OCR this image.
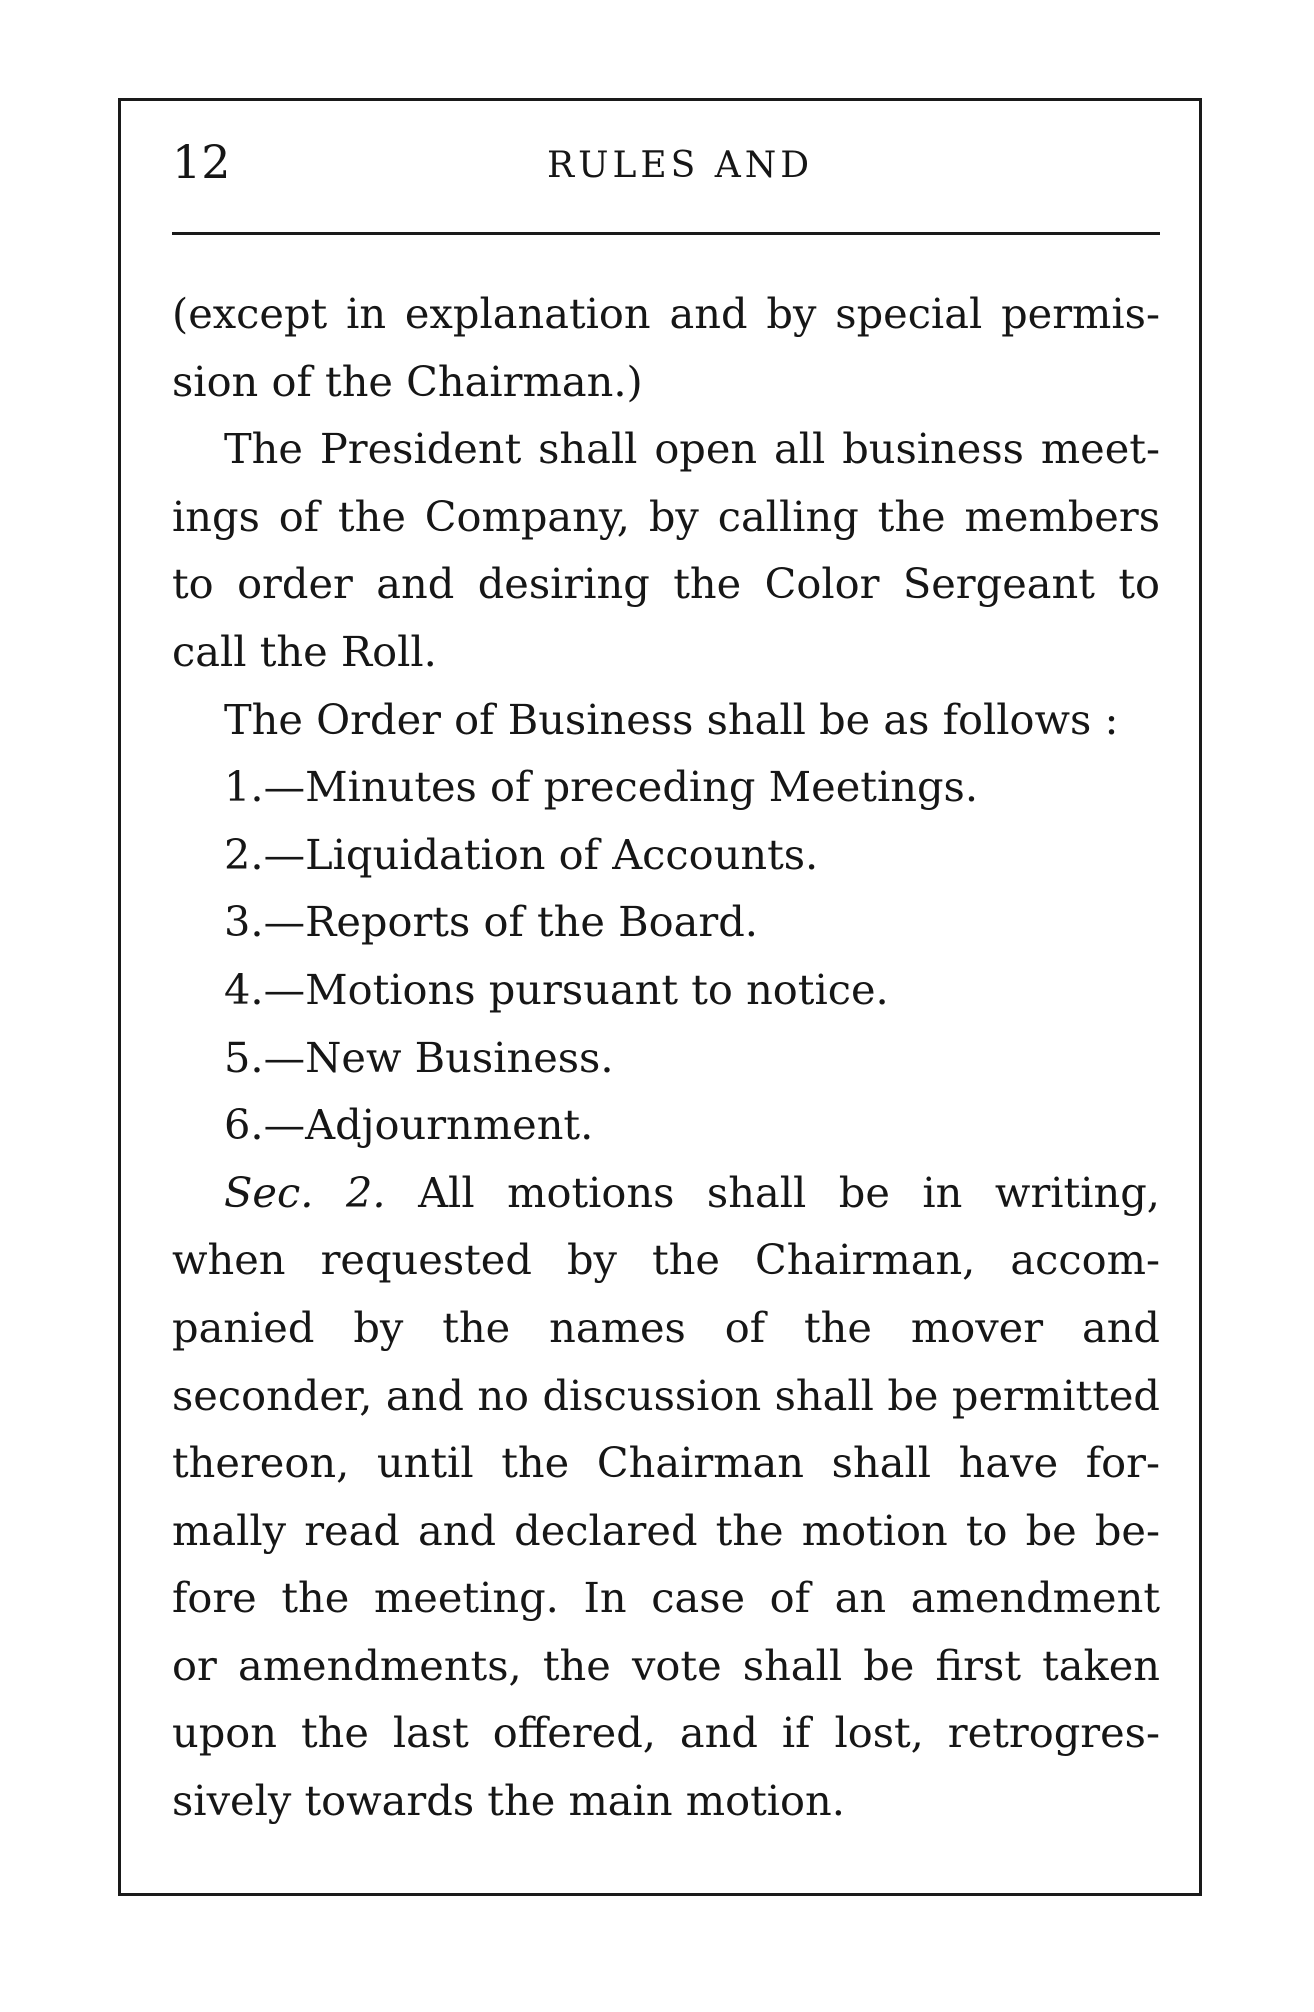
12	RULES AND
(except in explanation and by special permis-
sion of the Chairman.)
The President shall open all business meet-
ings of the Company, by calling the members
to order and desiring the Color Sergeant to
call the Roll.
The Order of Business shall be as follows :
1.—Minutes of preceding Meetings.
2.—Liquidation of Accounts.
3.—Reports of the Board.
4.—Motions pursuant to notice.
5.—New Business.
6.—Adjournment.
Sec. 2. All motions shall be in writing,
when requested by the Chairman, accom-
panied by the names of the mover and
seconder, and no discussion shall be permitted
thereon, until the Chairman shall have for-
mally read and declared the motion to be be-
fore the meeting. In case of an amendment
or amendments, the vote shall be first taken
upon the last offered, and if lost, retrogres-
sively towards the main motion.
